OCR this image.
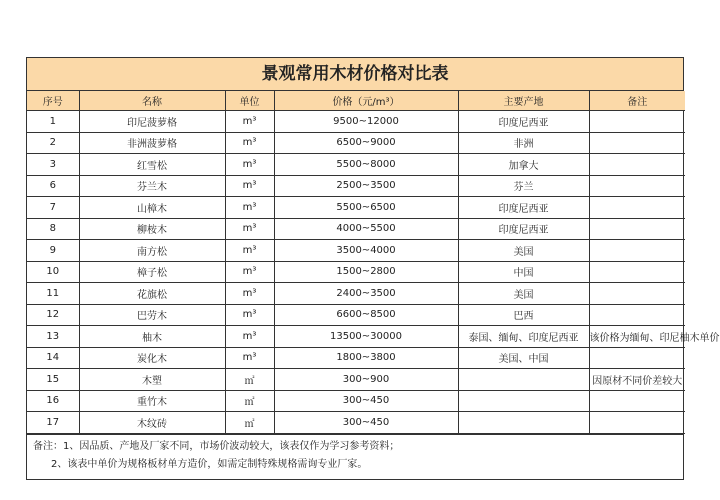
景观常用木材价格对比表
序号	名称	单位	价格（元/m³）	主要产地	备注
1	印尼菠萝格	m³	9500~12000	印度尼西亚	
2	非洲菠萝格	m³	6500~9000	非洲	
3	红雪松	m³	5500~8000	加拿大	
6	芬兰木	m³	2500~3500	芬兰	
7	山樟木	m³	5500~6500	印度尼西亚	
8	柳桉木	m³	4000~5500	印度尼西亚	
9	南方松	m³	3500~4000	美国	
10	樟子松	m³	1500~2800	中国	
11	花旗松	m³	2400~3500	美国	
12	巴劳木	m³	6600~8500	巴西	
13	柚木	m³	13500~30000	泰国、缅甸、印度尼西亚	该价格为缅甸、印尼柚木单价
14	炭化木	m³	1800~3800	美国、中国	
15	木塑	㎡	300~900		因原材不同价差较大
16	重竹木	㎡	300~450		
17	木纹砖	㎡	300~450		
备注：1、因品质、产地及厂家不同，市场价波动较大，该表仅作为学习参考资料；
2、该表中单价为规格板材单方造价，如需定制特殊规格需询专业厂家。
